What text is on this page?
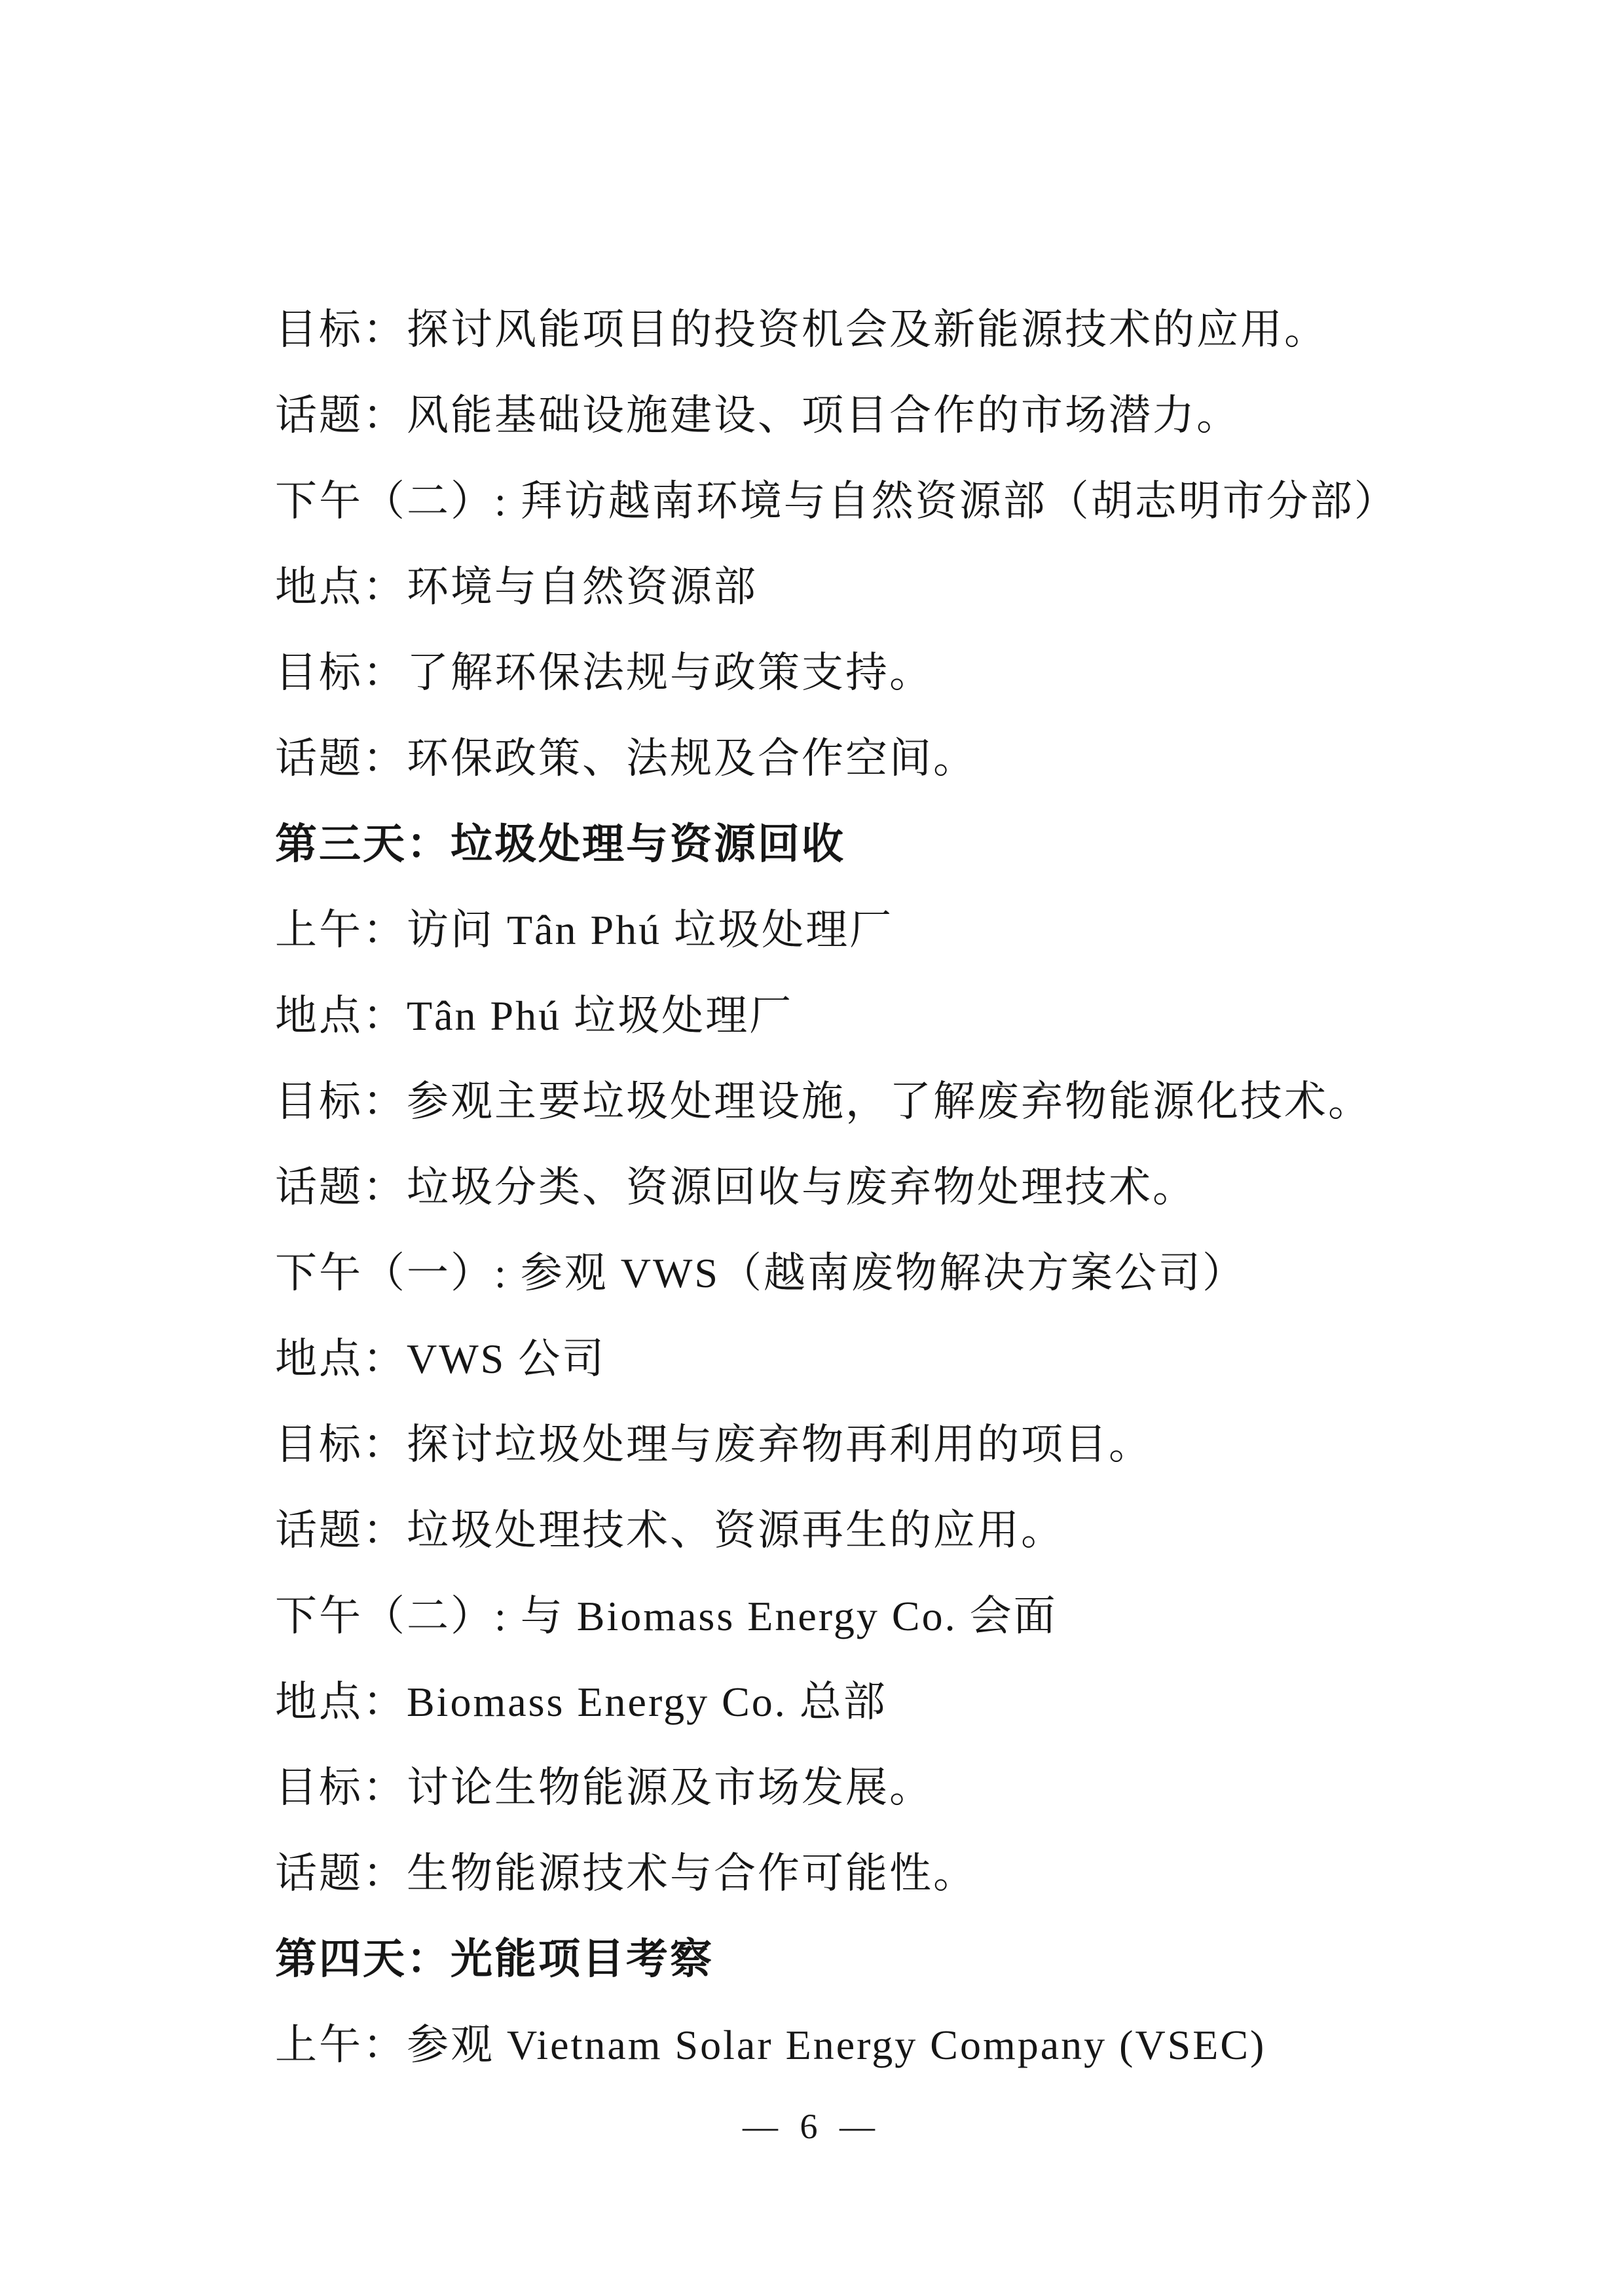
目标：探讨风能项目的投资机会及新能源技术的应用。

话题：风能基础设施建设、项目合作的市场潜力。

下午（二）: 拜访越南环境与自然资源部（胡志明市分部）

地点：环境与自然资源部

目标：了解环保法规与政策支持。

话题：环保政策、法规及合作空间。

第三天：垃圾处理与资源回收

上午：访问 Tân Phú 垃圾处理厂

地点：Tân Phú 垃圾处理厂

目标：参观主要垃圾处理设施，了解废弃物能源化技术。

话题：垃圾分类、资源回收与废弃物处理技术。

下午（一）: 参观 VWS（越南废物解决方案公司）

地点：VWS 公司

目标：探讨垃圾处理与废弃物再利用的项目。

话题：垃圾处理技术、资源再生的应用。

下午（二）: 与 Biomass Energy Co. 会面

地点：Biomass Energy Co. 总部

目标：讨论生物能源及市场发展。

话题：生物能源技术与合作可能性。

第四天：光能项目考察

上午：参观 Vietnam Solar Energy Company (VSEC)

— 6 —
